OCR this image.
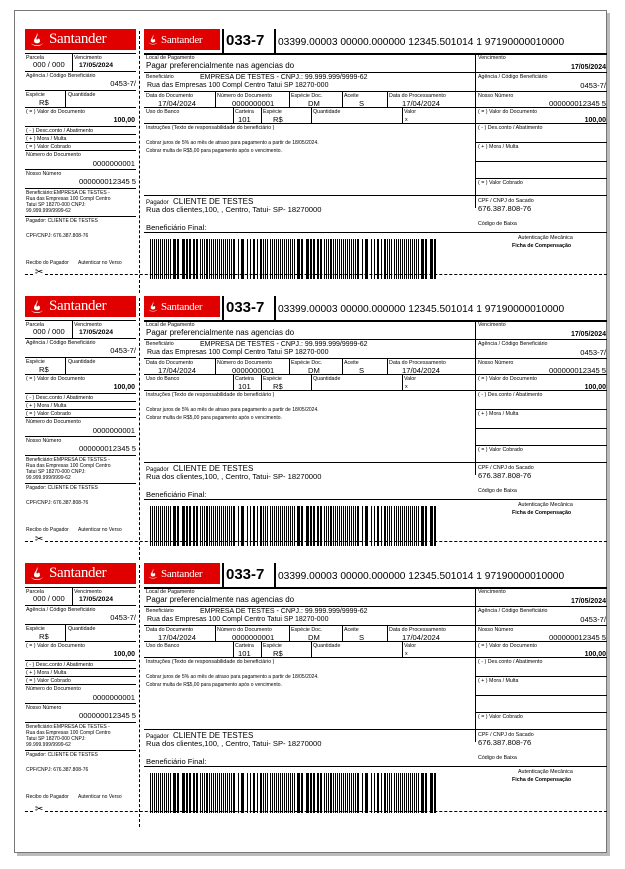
Santander
Parcela
000 / 000
Vencimento
17/05/2024
Agência / Código Beneficiário
0453-7/
Espécie
R$
Quantidade
( = ) Valor do Documento
100,00
( - ) Desc.conto / Abatimento
( + ) Mora / Multa
( = ) Valor Cobrado
Número do Documento
0000000001
Nosso Número
000000012345 5
Beneficiário:EMPRESA DE TESTES -
Rua das Empresas 100 Compl Centro
Tatui SP 18270-000 CNPJ:
99.999.999/9999-62
Pagador: CLIENTE DE TESTES
CPF/CNPJ: 676.387.808-76
Recibo do Pagador Autenticar no Verso
Santander 033-7 03399.00003 00000.000000 12345.501014 1 97190000010000
Local de Pagamento
Pagar preferencialmente nas agencias do
Vencimento
17/05/2024
Beneficiário	EMPRESA DE TESTES - CNPJ.: 99.999.999/9999-62
Rua das Empresas 100 Compl Centro Tatui SP 18270-000
Agência / Código Beneficiário
0453-7/
Data do Documento
17/04/2024
Número do Documento
0000000001
Espécie Doc.
DM
Aceite
S
Data do Processamento
17/04/2024
Nosso Número
000000012345 5
Uso do Banco	Carteira
101
Espécie
R$
Quantidade	Valor
x
( = ) Valor do Documento
100,00
Instruções (Texto de responsabilidade do beneficiário )
Cobrar juros de 5% ao mês de atraso para pagamento a partir de 18/05/2024.
Cobrar multa de R$5,00 para pagamento após o vencimento.
( - ) Des.conto / Abatimento
( + ) Mora / Multa
( = ) Valor Cobrado
Pagador CLIENTE DE TESTES
Rua dos clientes,100, , Centro, Tatui- SP- 18270000
Beneficiário Final:
CPF / CNPJ do Sacado
676.387.808-76
Código de Baixa
Autenticação Mecânica
Ficha de Compensação
✂
Santander
Parcela
000 / 000
Vencimento
17/05/2024
Agência / Código Beneficiário
0453-7/
Espécie
R$
Quantidade
( = ) Valor do Documento
100,00
( - ) Desc.conto / Abatimento
( + ) Mora / Multa
( = ) Valor Cobrado
Número do Documento
0000000001
Nosso Número
000000012345 5
Beneficiário:EMPRESA DE TESTES -
Rua das Empresas 100 Compl Centro
Tatui SP 18270-000 CNPJ:
99.999.999/9999-62
Pagador: CLIENTE DE TESTES
CPF/CNPJ: 676.387.808-76
Recibo do Pagador Autenticar no Verso
Santander 033-7 03399.00003 00000.000000 12345.501014 1 97190000010000
Local de Pagamento
Pagar preferencialmente nas agencias do
Vencimento
17/05/2024
Beneficiário	EMPRESA DE TESTES - CNPJ.: 99.999.999/9999-62
Rua das Empresas 100 Compl Centro Tatui SP 18270-000
Agência / Código Beneficiário
0453-7/
Data do Documento
17/04/2024
Número do Documento
0000000001
Espécie Doc.
DM
Aceite
S
Data do Processamento
17/04/2024
Nosso Número
000000012345 5
Uso do Banco	Carteira
101
Espécie
R$
Quantidade	Valor
x
( = ) Valor do Documento
100,00
Instruções (Texto de responsabilidade do beneficiário )
Cobrar juros de 5% ao mês de atraso para pagamento a partir de 18/05/2024.
Cobrar multa de R$5,00 para pagamento após o vencimento.
( - ) Des.conto / Abatimento
( + ) Mora / Multa
( = ) Valor Cobrado
Pagador CLIENTE DE TESTES
Rua dos clientes,100, , Centro, Tatui- SP- 18270000
Beneficiário Final:
CPF / CNPJ do Sacado
676.387.808-76
Código de Baixa
Autenticação Mecânica
Ficha de Compensação
✂
Santander
Parcela
000 / 000
Vencimento
17/05/2024
Agência / Código Beneficiário
0453-7/
Espécie
R$
Quantidade
( = ) Valor do Documento
100,00
( - ) Desc.conto / Abatimento
( + ) Mora / Multa
( = ) Valor Cobrado
Número do Documento
0000000001
Nosso Número
000000012345 5
Beneficiário:EMPRESA DE TESTES -
Rua das Empresas 100 Compl Centro
Tatui SP 18270-000 CNPJ:
99.999.999/9999-62
Pagador: CLIENTE DE TESTES
CPF/CNPJ: 676.387.808-76
Recibo do Pagador Autenticar no Verso
Santander 033-7 03399.00003 00000.000000 12345.501014 1 97190000010000
Local de Pagamento
Pagar preferencialmente nas agencias do
Vencimento
17/05/2024
Beneficiário	EMPRESA DE TESTES - CNPJ.: 99.999.999/9999-62
Rua das Empresas 100 Compl Centro Tatui SP 18270-000
Agência / Código Beneficiário
0453-7/
Data do Documento
17/04/2024
Número do Documento
0000000001
Espécie Doc.
DM
Aceite
S
Data do Processamento
17/04/2024
Nosso Número
000000012345 5
Uso do Banco	Carteira
101
Espécie
R$
Quantidade	Valor
x
( = ) Valor do Documento
100,00
Instruções (Texto de responsabilidade do beneficiário )
Cobrar juros de 5% ao mês de atraso para pagamento a partir de 18/05/2024.
Cobrar multa de R$5,00 para pagamento após o vencimento.
( - ) Des.conto / Abatimento
( + ) Mora / Multa
( = ) Valor Cobrado
Pagador CLIENTE DE TESTES
Rua dos clientes,100, , Centro, Tatui- SP- 18270000
Beneficiário Final:
CPF / CNPJ do Sacado
676.387.808-76
Código de Baixa
Autenticação Mecânica
Ficha de Compensação
✂
